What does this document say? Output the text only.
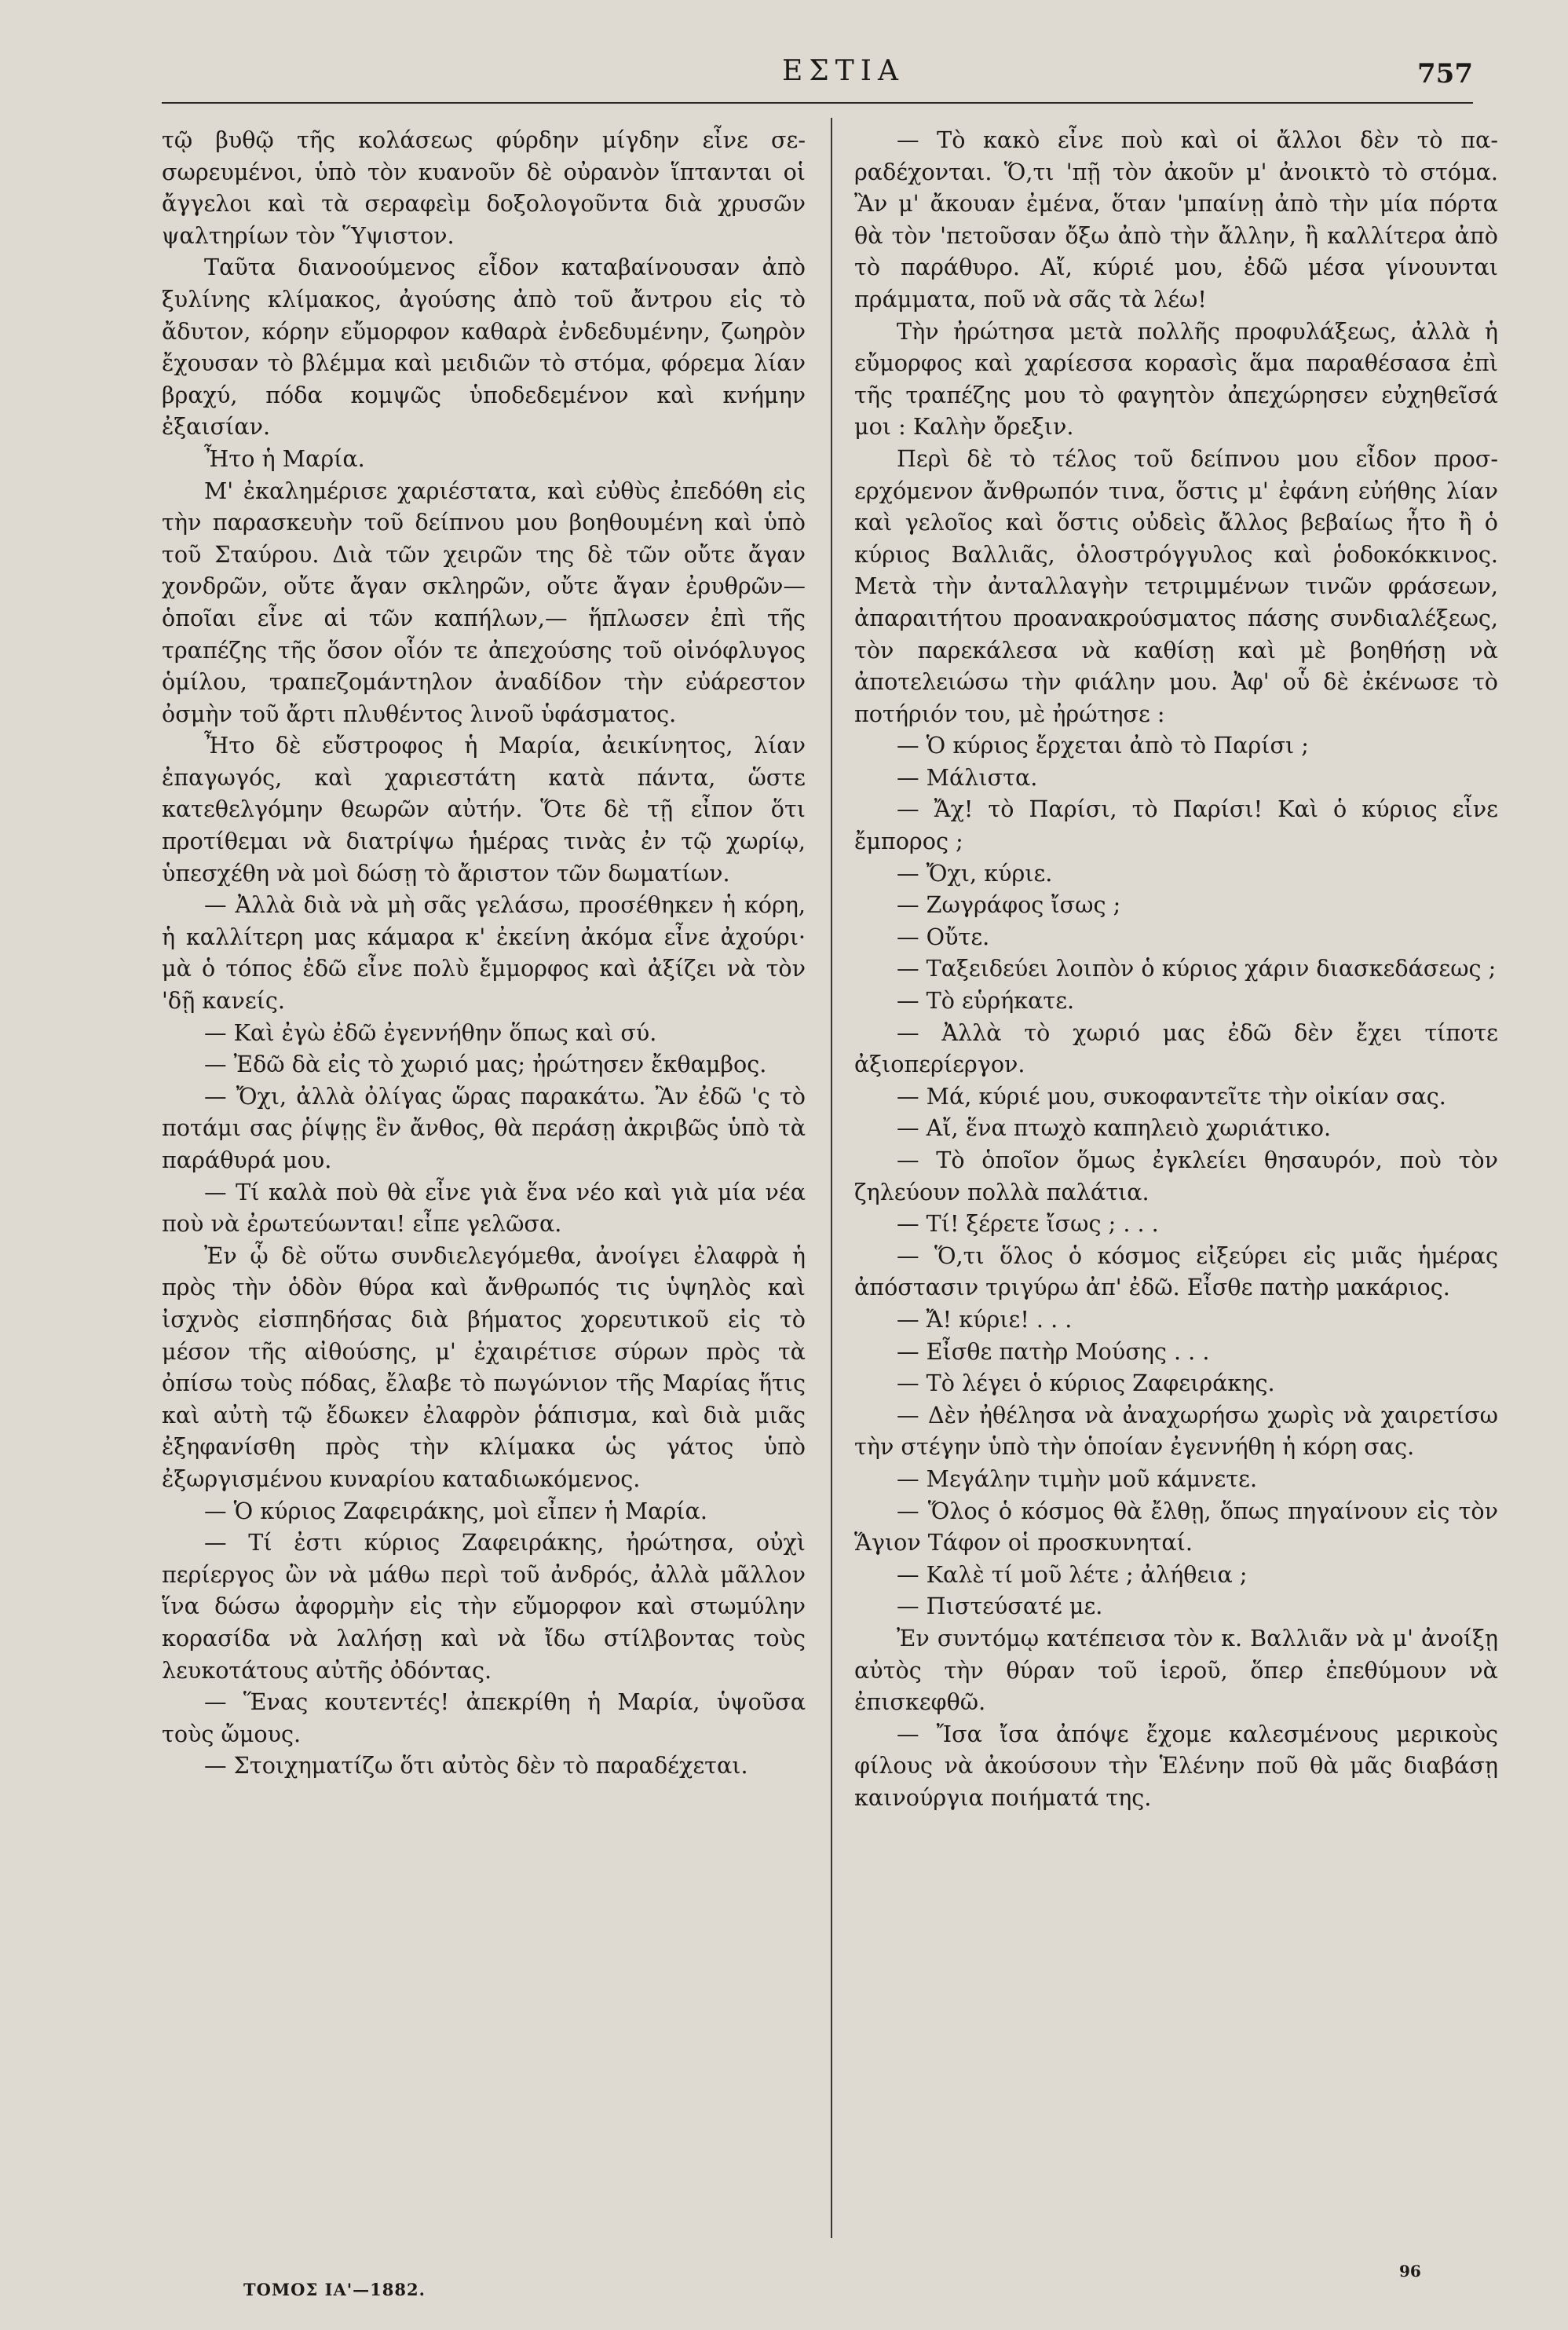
ΕΣΤΙΑ	757

τῷ βυθῷ τῆς κολάσεως φύρδην μίγδην εἶνε σεσωρευμένοι, ὑπὸ τὸν κυανοῦν δὲ οὐρανὸν ἵπτανται οἱ ἄγγελοι καὶ τὰ σεραφεὶμ δοξολογοῦντα διὰ χρυσῶν ψαλτηρίων τὸν Ὕψιστον.

Ταῦτα διανοούμενος εἶδον καταβαίνουσαν ἀπὸ ξυλίνης κλίμακος, ἀγούσης ἀπὸ τοῦ ἄντρου εἰς τὸ ἄδυτον, κόρην εὔμορφον καθαρὰ ἐνδεδυμένην, ζωηρὸν ἔχουσαν τὸ βλέμμα καὶ μειδιῶν τὸ στόμα, φόρεμα λίαν βραχύ, πόδα κομψῶς ὑποδεδεμένον καὶ κνήμην ἐξαισίαν.

Ἦτο ἡ Μαρία.

Μ' ἐκαλημέρισε χαριέστατα, καὶ εὐθὺς ἐπεδόθη εἰς τὴν παρασκευὴν τοῦ δείπνου μου βοηθουμένη καὶ ὑπὸ τοῦ Σταύρου. Διὰ τῶν χειρῶν της δὲ τῶν οὔτε ἄγαν χονδρῶν, οὔτε ἄγαν σκληρῶν, οὔτε ἄγαν ἐρυθρῶν—ὁποῖαι εἶνε αἱ τῶν καπήλων,— ἥπλωσεν ἐπὶ τῆς τραπέζης τῆς ὅσον οἷόν τε ἀπεχούσης τοῦ οἰνόφλυγος ὁμίλου, τραπεζομάντηλον ἀναδίδον τὴν εὐάρεστον ὀσμὴν τοῦ ἄρτι πλυθέντος λινοῦ ὑφάσματος.

Ἦτο δὲ εὔστροφος ἡ Μαρία, ἀεικίνητος, λίαν ἐπαγωγός, καὶ χαριεστάτη κατὰ πάντα, ὥστε κατεθελγόμην θεωρῶν αὐτήν. Ὅτε δὲ τῇ εἶπον ὅτι προτίθεμαι νὰ διατρίψω ἡμέρας τινὰς ἐν τῷ χωρίῳ, ὑπεσχέθη νὰ μοὶ δώσῃ τὸ ἄριστον τῶν δωματίων.

— Ἀλλὰ διὰ νὰ μὴ σᾶς γελάσω, προσέθηκεν ἡ κόρη, ἡ καλλίτερη μας κάμαρα κ' ἐκείνη ἀκόμα εἶνε ἀχούρι· μὰ ὁ τόπος ἐδῶ εἶνε πολὺ ἔμμορφος καὶ ἀξίζει νὰ τὸν 'δῇ κανείς.

— Καὶ ἐγὼ ἐδῶ ἐγεννήθην ὅπως καὶ σύ.

— Ἐδῶ δὰ εἰς τὸ χωριό μας; ἠρώτησεν ἔκθαμβος.

— Ὄχι, ἀλλὰ ὀλίγας ὥρας παρακάτω. Ἂν ἐδῶ 'ς τὸ ποτάμι σας ῥίψῃς ἓν ἄνθος, θὰ περάσῃ ἀκριβῶς ὑπὸ τὰ παράθυρά μου.

— Τί καλὰ ποὺ θὰ εἶνε γιὰ ἕνα νέο καὶ γιὰ μία νέα ποὺ νὰ ἐρωτεύωνται! εἶπε γελῶσα.

Ἐν ᾧ δὲ οὕτω συνδιελεγόμεθα, ἀνοίγει ἐλαφρὰ ἡ πρὸς τὴν ὁδὸν θύρα καὶ ἄνθρωπός τις ὑψηλὸς καὶ ἰσχνὸς εἰσπηδήσας διὰ βήματος χορευτικοῦ εἰς τὸ μέσον τῆς αἰθούσης, μ' ἐχαιρέτισε σύρων πρὸς τὰ ὀπίσω τοὺς πόδας, ἔλαβε τὸ πωγώνιον τῆς Μαρίας ἥτις καὶ αὐτὴ τῷ ἔδωκεν ἐλαφρὸν ῥάπισμα, καὶ διὰ μιᾶς ἐξηφανίσθη πρὸς τὴν κλίμακα ὡς γάτος ὑπὸ ἐξωργισμένου κυναρίου καταδιωκόμενος.

— Ὁ κύριος Ζαφειράκης, μοὶ εἶπεν ἡ Μαρία.

— Τί ἐστι κύριος Ζαφειράκης, ἠρώτησα, οὐχὶ περίεργος ὢν νὰ μάθω περὶ τοῦ ἀνδρός, ἀλλὰ μᾶλλον ἵνα δώσω ἀφορμὴν εἰς τὴν εὔμορφον καὶ στωμύλην κορασίδα νὰ λαλήσῃ καὶ νὰ ἴδω στίλβοντας τοὺς λευκοτάτους αὐτῆς ὀδόντας.

— Ἕνας κουτεντές! ἀπεκρίθη ἡ Μαρία, ὑψοῦσα τοὺς ὤμους.

— Στοιχηματίζω ὅτι αὐτὸς δὲν τὸ παραδέχεται.

— Τὸ κακὸ εἶνε ποὺ καὶ οἱ ἄλλοι δὲν τὸ παραδέχονται. Ὅ,τι 'πῇ τὸν ἀκοῦν μ' ἀνοικτὸ τὸ στόμα. Ἂν μ' ἄκουαν ἐμένα, ὅταν 'μπαίνῃ ἀπὸ τὴν μία πόρτα θὰ τὸν 'πετοῦσαν ὄξω ἀπὸ τὴν ἄλλην, ἢ καλλίτερα ἀπὸ τὸ παράθυρο. Αἴ, κύριέ μου, ἐδῶ μέσα γίνουνται πράμματα, ποῦ νὰ σᾶς τὰ λέω!

Τὴν ἠρώτησα μετὰ πολλῆς προφυλάξεως, ἀλλὰ ἡ εὔμορφος καὶ χαρίεσσα κορασὶς ἅμα παραθέσασα ἐπὶ τῆς τραπέζης μου τὸ φαγητὸν ἀπεχώρησεν εὐχηθεῖσά μοι : Καλὴν ὄρεξιν.

Περὶ δὲ τὸ τέλος τοῦ δείπνου μου εἶδον προσερχόμενον ἄνθρωπόν τινα, ὅστις μ' ἐφάνη εὐήθης λίαν καὶ γελοῖος καὶ ὅστις οὐδεὶς ἄλλος βεβαίως ἦτο ἢ ὁ κύριος Βαλλιᾶς, ὁλοστρόγγυλος καὶ ῥοδοκόκκινος. Μετὰ τὴν ἀνταλλαγὴν τετριμμένων τινῶν φράσεων, ἀπαραιτήτου προανακρούσματος πάσης συνδιαλέξεως, τὸν παρεκάλεσα νὰ καθίσῃ καὶ μὲ βοηθήσῃ νὰ ἀποτελειώσω τὴν φιάλην μου. Ἀφ' οὗ δὲ ἐκένωσε τὸ ποτήριόν του, μὲ ἠρώτησε :

— Ὁ κύριος ἔρχεται ἀπὸ τὸ Παρίσι ;

— Μάλιστα.

— Ἄχ! τὸ Παρίσι, τὸ Παρίσι! Καὶ ὁ κύριος εἶνε ἔμπορος ;

— Ὄχι, κύριε.

— Ζωγράφος ἴσως ;

— Οὔτε.

— Ταξειδεύει λοιπὸν ὁ κύριος χάριν διασκεδάσεως ;

— Τὸ εὑρήκατε.

— Ἀλλὰ τὸ χωριό μας ἐδῶ δὲν ἔχει τίποτε ἀξιοπερίεργον.

— Μά, κύριέ μου, συκοφαντεῖτε τὴν οἰκίαν σας.

— Αἴ, ἕνα πτωχὸ καπηλειὸ χωριάτικο.

— Τὸ ὁποῖον ὅμως ἐγκλείει θησαυρόν, ποὺ τὸν ζηλεύουν πολλὰ παλάτια.

— Τί! ξέρετε ἴσως ; . . .

— Ὅ,τι ὅλος ὁ κόσμος εἰξεύρει εἰς μιᾶς ἡμέρας ἀπόστασιν τριγύρω ἀπ' ἐδῶ. Εἶσθε πατὴρ μακάριος.

— Ἄ! κύριε! . . .

— Εἶσθε πατὴρ Μούσης . . .

— Τὸ λέγει ὁ κύριος Ζαφειράκης.

— Δὲν ἠθέλησα νὰ ἀναχωρήσω χωρὶς νὰ χαιρετίσω τὴν στέγην ὑπὸ τὴν ὁποίαν ἐγεννήθη ἡ κόρη σας.

— Μεγάλην τιμὴν μοῦ κάμνετε.

— Ὅλος ὁ κόσμος θὰ ἔλθῃ, ὅπως πηγαίνουν εἰς τὸν Ἅγιον Τάφον οἱ προσκυνηταί.

— Καλὲ τί μοῦ λέτε ; ἀλήθεια ;

— Πιστεύσατέ με.

Ἐν συντόμῳ κατέπεισα τὸν κ. Βαλλιᾶν νὰ μ' ἀνοίξῃ αὐτὸς τὴν θύραν τοῦ ἱεροῦ, ὅπερ ἐπεθύμουν νὰ ἐπισκεφθῶ.

— Ἴσα ἴσα ἀπόψε ἔχομε καλεσμένους μερικοὺς φίλους νὰ ἀκούσουν τὴν Ἑλένην ποῦ θὰ μᾶς διαβάσῃ καινούργια ποιήματά της.

ΤΟΜΟΣ ΙΑ'—1882.
96
